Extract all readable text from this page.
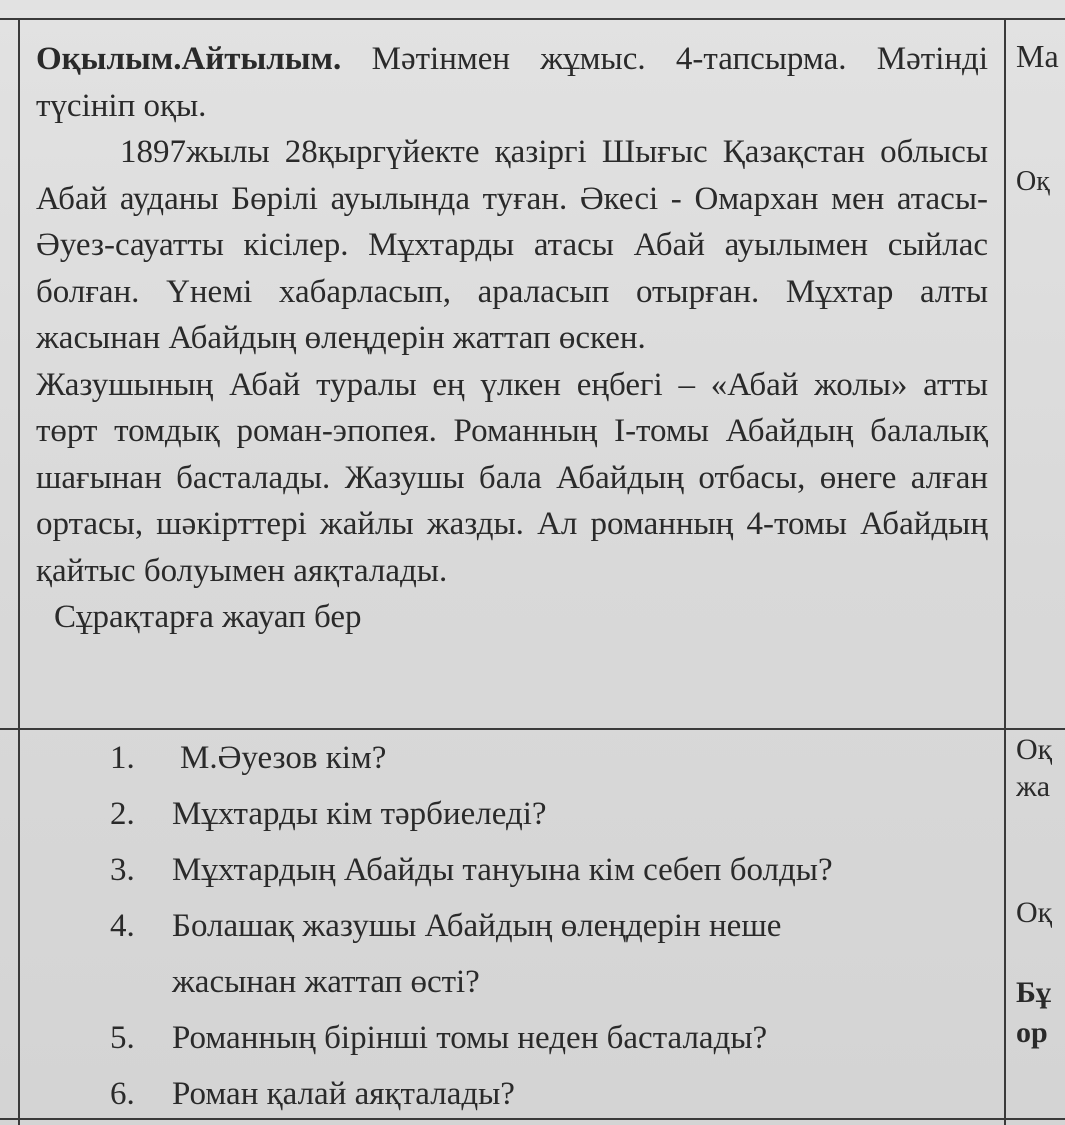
Оқылым.Айтылым. Мәтінмен жұмыс. 4-тапсырма. Мәтінді түсініп оқы.

1897жылы 28қыргүйекте қазіргі Шығыс Қазақстан облысы Абай ауданы Бөрілі ауылында туған. Әкесі - Омархан мен атасы-Әуез-сауатты кісілер. Мұхтарды атасы Абай ауылымен сыйлас болған. Үнемі хабарласып, араласып отырған. Мұхтар алты жасынан Абайдың өлеңдерін жаттап өскен.

Жазушының Абай туралы ең үлкен еңбегі – «Абай жолы» атты төрт томдық роман-эпопея. Романның І-томы Абайдың балалық шағынан басталады. Жазушы бала Абайдың отбасы, өнеге алған ортасы, шәкірттері жайлы жазды. Ал романның 4-томы Абайдың қайтыс болуымен аяқталады.

Сұрақтарға жауап бер

1. М.Әуезов кім?
2. Мұхтарды кім тәрбиеледі?
3. Мұхтардың Абайды тануына кім себеп болды?
4. Болашақ жазушы Абайдың өлеңдерін неше
жасынан жаттап өсті?
5. Романның бірінші томы неден басталады?
6. Роман қалай аяқталады?
Ма
Оқ
Оқ
жа
Оқ
Бұ
ор
